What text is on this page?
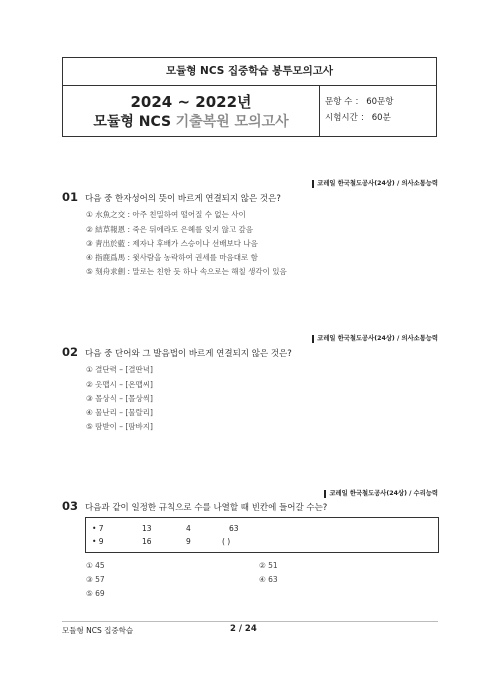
모듈형 NCS 집중학습 봉투모의고사
2024 ~ 2022년
모듈형 NCS 기출복원 모의고사
문항 수 ： 60문항
시험시간 ： 60분
코레일 한국철도공사(24상) / 의사소통능력
01 다음 중 한자성어의 뜻이 바르게 연결되지 않은 것은?
① 水魚之交 : 아주 친밀하여 떨어질 수 없는 사이
② 結草報恩 : 죽은 뒤에라도 은혜를 잊지 않고 갚음
③ 靑出於藍 : 제자나 후배가 스승이나 선배보다 나음
④ 指鹿爲馬 : 윗사람을 농락하여 권세를 마음대로 함
⑤ 刻舟求劍 : 말로는 친한 듯 하나 속으로는 해칠 생각이 있음
코레일 한국철도공사(24상) / 의사소통능력
02 다음 중 단어와 그 발음법이 바르게 연결되지 않은 것은?
① 결단력 – [결딴녁]
② 옷맵시 – [온맵씨]
③ 몰상식 – [몰상씩]
④ 물난리 – [물랄리]
⑤ 땀받이 – [땀바지]
코레일 한국철도공사(24상) / 수리능력
03 다음과 같이 일정한 규칙으로 수를 나열할 때 빈칸에 들어갈 수는?
• 7	13	4	63
• 9	16	9	( )
① 45	② 51
③ 57	④ 63
⑤ 69
모듈형 NCS 집중학습	2 / 24
